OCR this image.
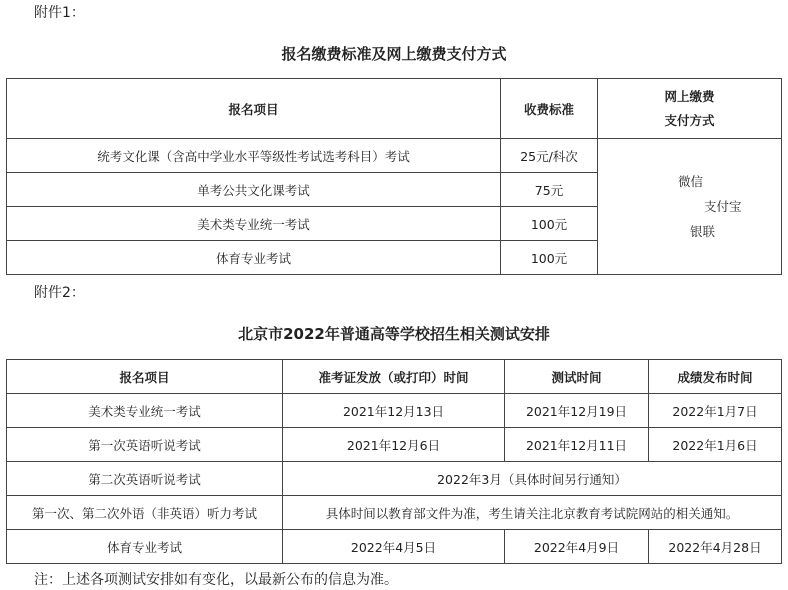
附件1：
报名缴费标准及网上缴费支付方式
报名项目	收费标准	网上缴费
支付方式

统考文化课（含高中学业水平等级性考试选考科目）考试	25元/科次	微信
支付宝
银联

单考公共文化课考试	75元	
美术类专业统一考试	100元	
体育专业考试	100元	
附件2：
北京市2022年普通高等学校招生相关测试安排
报名项目	准考证发放（或打印）时间	测试时间	成绩发布时间
美术类专业统一考试	2021年12月13日	2021年12月19日	2022年1月7日
第一次英语听说考试	2021年12月6日	2021年12月11日	2022年1月6日
第二次英语听说考试	2022年3月（具体时间另行通知）		
第一次、第二次外语（非英语）听力考试	具体时间以教育部文件为准，考生请关注北京教育考试院网站的相关通知。		
体育专业考试	2022年4月5日	2022年4月9日	2022年4月28日
注：上述各项测试安排如有变化，以最新公布的信息为准。
